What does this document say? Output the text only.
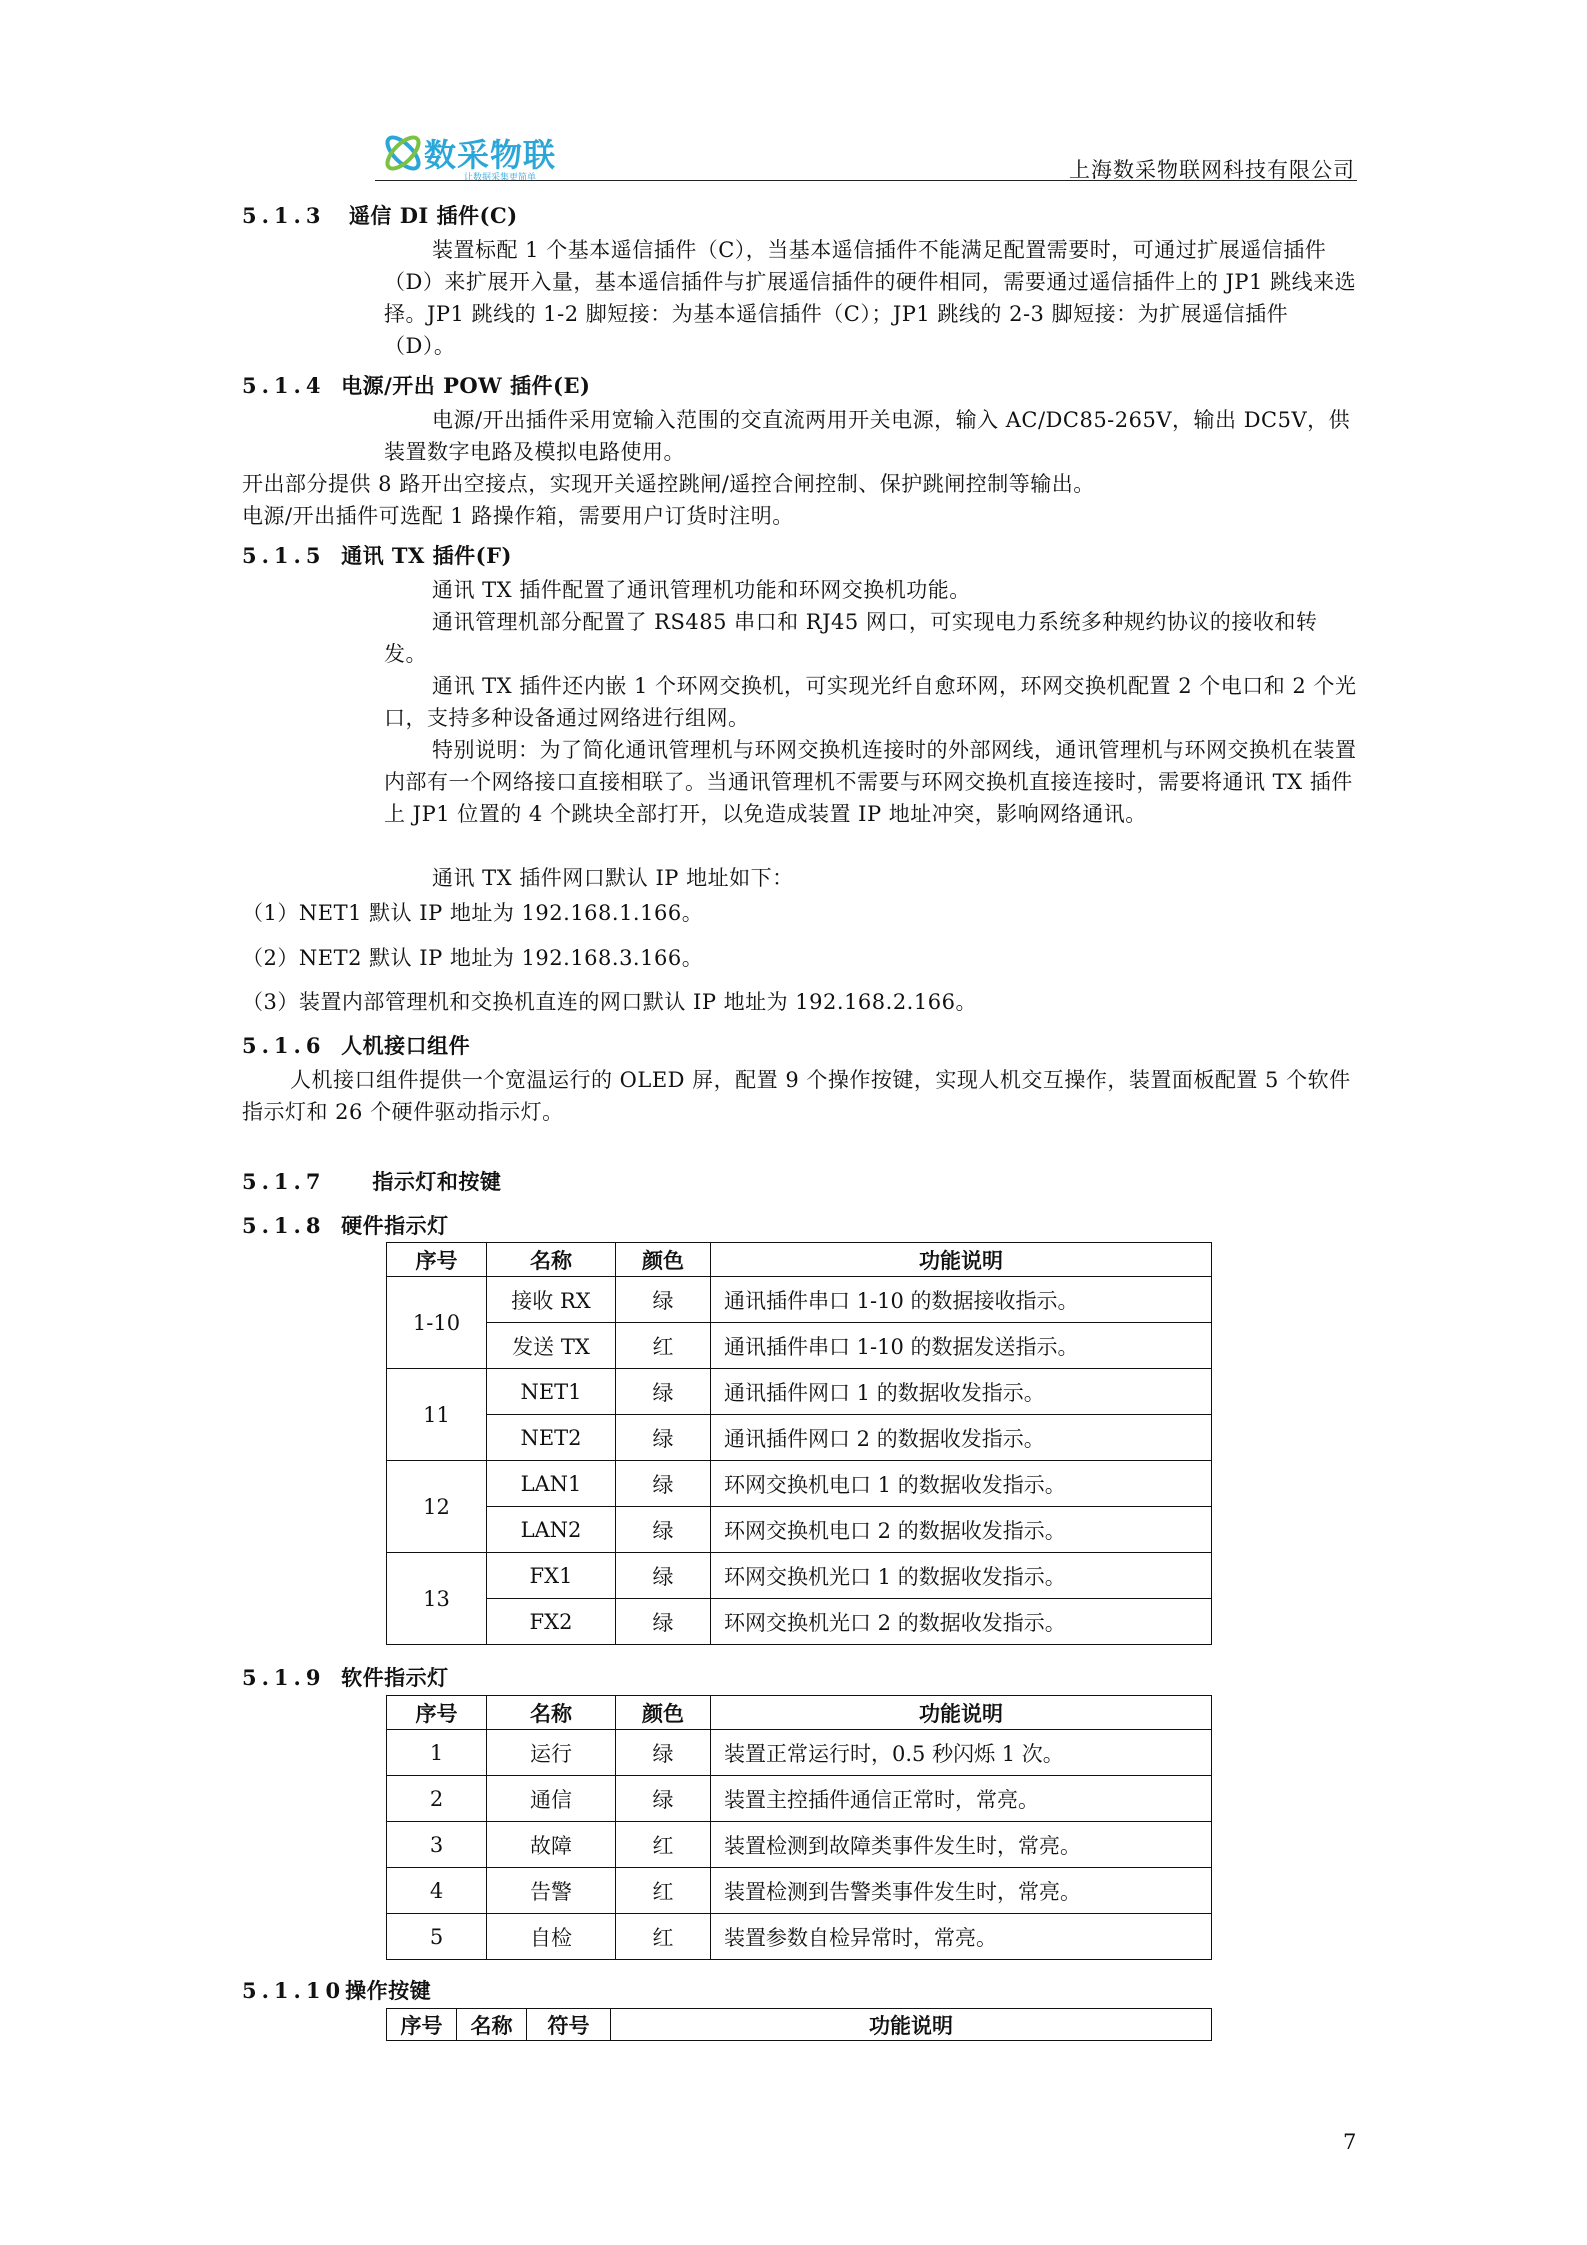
数采物联
让数据采集更简单	上海数采物联网科技有限公司
5.1.3 遥信 DI 插件(C)
装置标配 1 个基本遥信插件（C），当基本遥信插件不能满足配置需要时，可通过扩展遥信插件（D）来扩展开入量，基本遥信插件与扩展遥信插件的硬件相同，需要通过遥信插件上的 JP1 跳线来选择。JP1 跳线的 1-2 脚短接：为基本遥信插件（C）；JP1 跳线的 2-3 脚短接：为扩展遥信插件（D）。
5.1.4 电源/开出 POW 插件(E)
电源/开出插件采用宽输入范围的交直流两用开关电源，输入 AC/DC85-265V，输出 DC5V，供装置数字电路及模拟电路使用。
开出部分提供 8 路开出空接点，实现开关遥控跳闸/遥控合闸控制、保护跳闸控制等输出。
电源/开出插件可选配 1 路操作箱，需要用户订货时注明。
5.1.5 通讯 TX 插件(F)
通讯 TX 插件配置了通讯管理机功能和环网交换机功能。
通讯管理机部分配置了 RS485 串口和 RJ45 网口，可实现电力系统多种规约协议的接收和转发。
通讯 TX 插件还内嵌 1 个环网交换机，可实现光纤自愈环网，环网交换机配置 2 个电口和 2 个光口，支持多种设备通过网络进行组网。
特别说明：为了简化通讯管理机与环网交换机连接时的外部网线，通讯管理机与环网交换机在装置内部有一个网络接口直接相联了。当通讯管理机不需要与环网交换机直接连接时，需要将通讯 TX 插件上 JP1 位置的 4 个跳块全部打开，以免造成装置 IP 地址冲突，影响网络通讯。
通讯 TX 插件网口默认 IP 地址如下：
（1）NET1 默认 IP 地址为 192.168.1.166。
（2）NET2 默认 IP 地址为 192.168.3.166。
（3）装置内部管理机和交换机直连的网口默认 IP 地址为 192.168.2.166。
5.1.6 人机接口组件
人机接口组件提供一个宽温运行的 OLED 屏，配置 9 个操作按键，实现人机交互操作，装置面板配置 5 个软件指示灯和 26 个硬件驱动指示灯。
5.1.7 指示灯和按键
5.1.8 硬件指示灯
序号	名称	颜色	功能说明
1-10	接收 RX	绿	通讯插件串口 1-10 的数据接收指示。
	发送 TX	红	通讯插件串口 1-10 的数据发送指示。
11	NET1	绿	通讯插件网口 1 的数据收发指示。
	NET2	绿	通讯插件网口 2 的数据收发指示。
12	LAN1	绿	环网交换机电口 1 的数据收发指示。
	LAN2	绿	环网交换机电口 2 的数据收发指示。
13	FX1	绿	环网交换机光口 1 的数据收发指示。
	FX2	绿	环网交换机光口 2 的数据收发指示。
5.1.9 软件指示灯
序号	名称	颜色	功能说明
1	运行	绿	装置正常运行时，0.5 秒闪烁 1 次。
2	通信	绿	装置主控插件通信正常时，常亮。
3	故障	红	装置检测到故障类事件发生时，常亮。
4	告警	红	装置检测到告警类事件发生时，常亮。
5	自检	红	装置参数自检异常时，常亮。
5.1.10操作按键
序号	名称	符号	功能说明
7
